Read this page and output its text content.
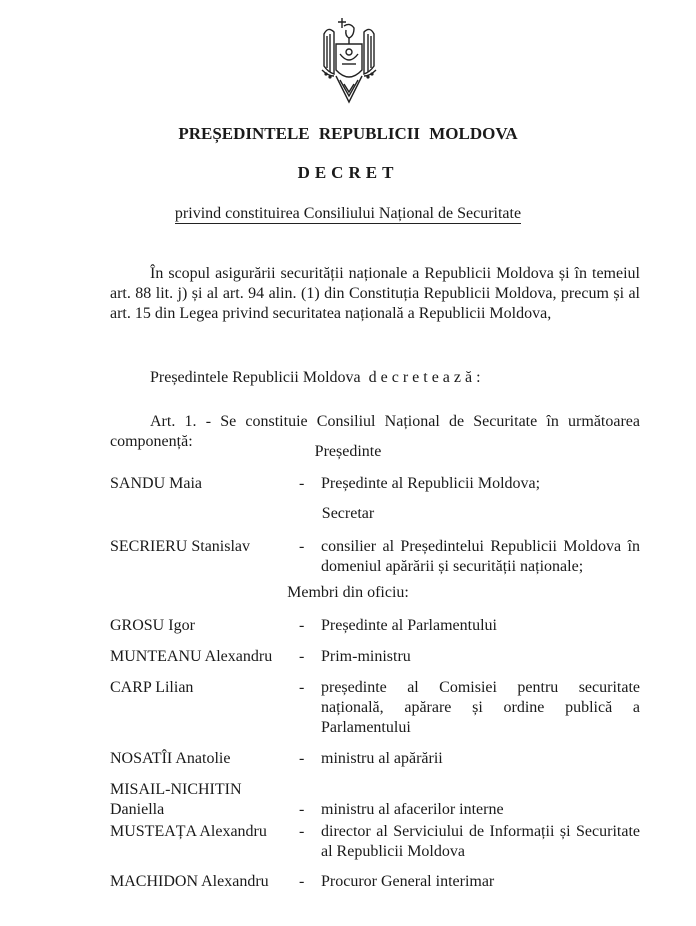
PREȘEDINTELE REPUBLICII MOLDOVA
DECRET
privind constituirea Consiliului Național de Securitate
În scopul asigurării securității naționale a Republicii Moldova și în temeiul art. 88 lit. j) și al art. 94 alin. (1) din Constituția Republicii Moldova, precum și al art. 15 din Legea privind securitatea națională a Republicii Moldova,
Președintele Republicii Moldova decretează:
Art. 1. - Se constituie Consiliul Național de Securitate în următoarea componență:
Președinte
SANDU Maia	- Președinte al Republicii Moldova;
Secretar
SECRIERU Stanislav	- consilier al Președintelui Republicii Moldova în domeniul apărării și securității naționale;
Membri din oficiu:
GROSU Igor	- Președinte al Parlamentului
MUNTEANU Alexandru	- Prim-ministru
CARP Lilian	- președinte al Comisiei pentru securitate națională, apărare și ordine publică a Parlamentului
NOSATÎI Anatolie	- ministru al apărării
MISAIL-NICHITIN Daniella	- ministru al afacerilor interne
MUSTEAȚA Alexandru	- director al Serviciului de Informații și Securitate al Republicii Moldova
MACHIDON Alexandru	- Procuror General interimar
